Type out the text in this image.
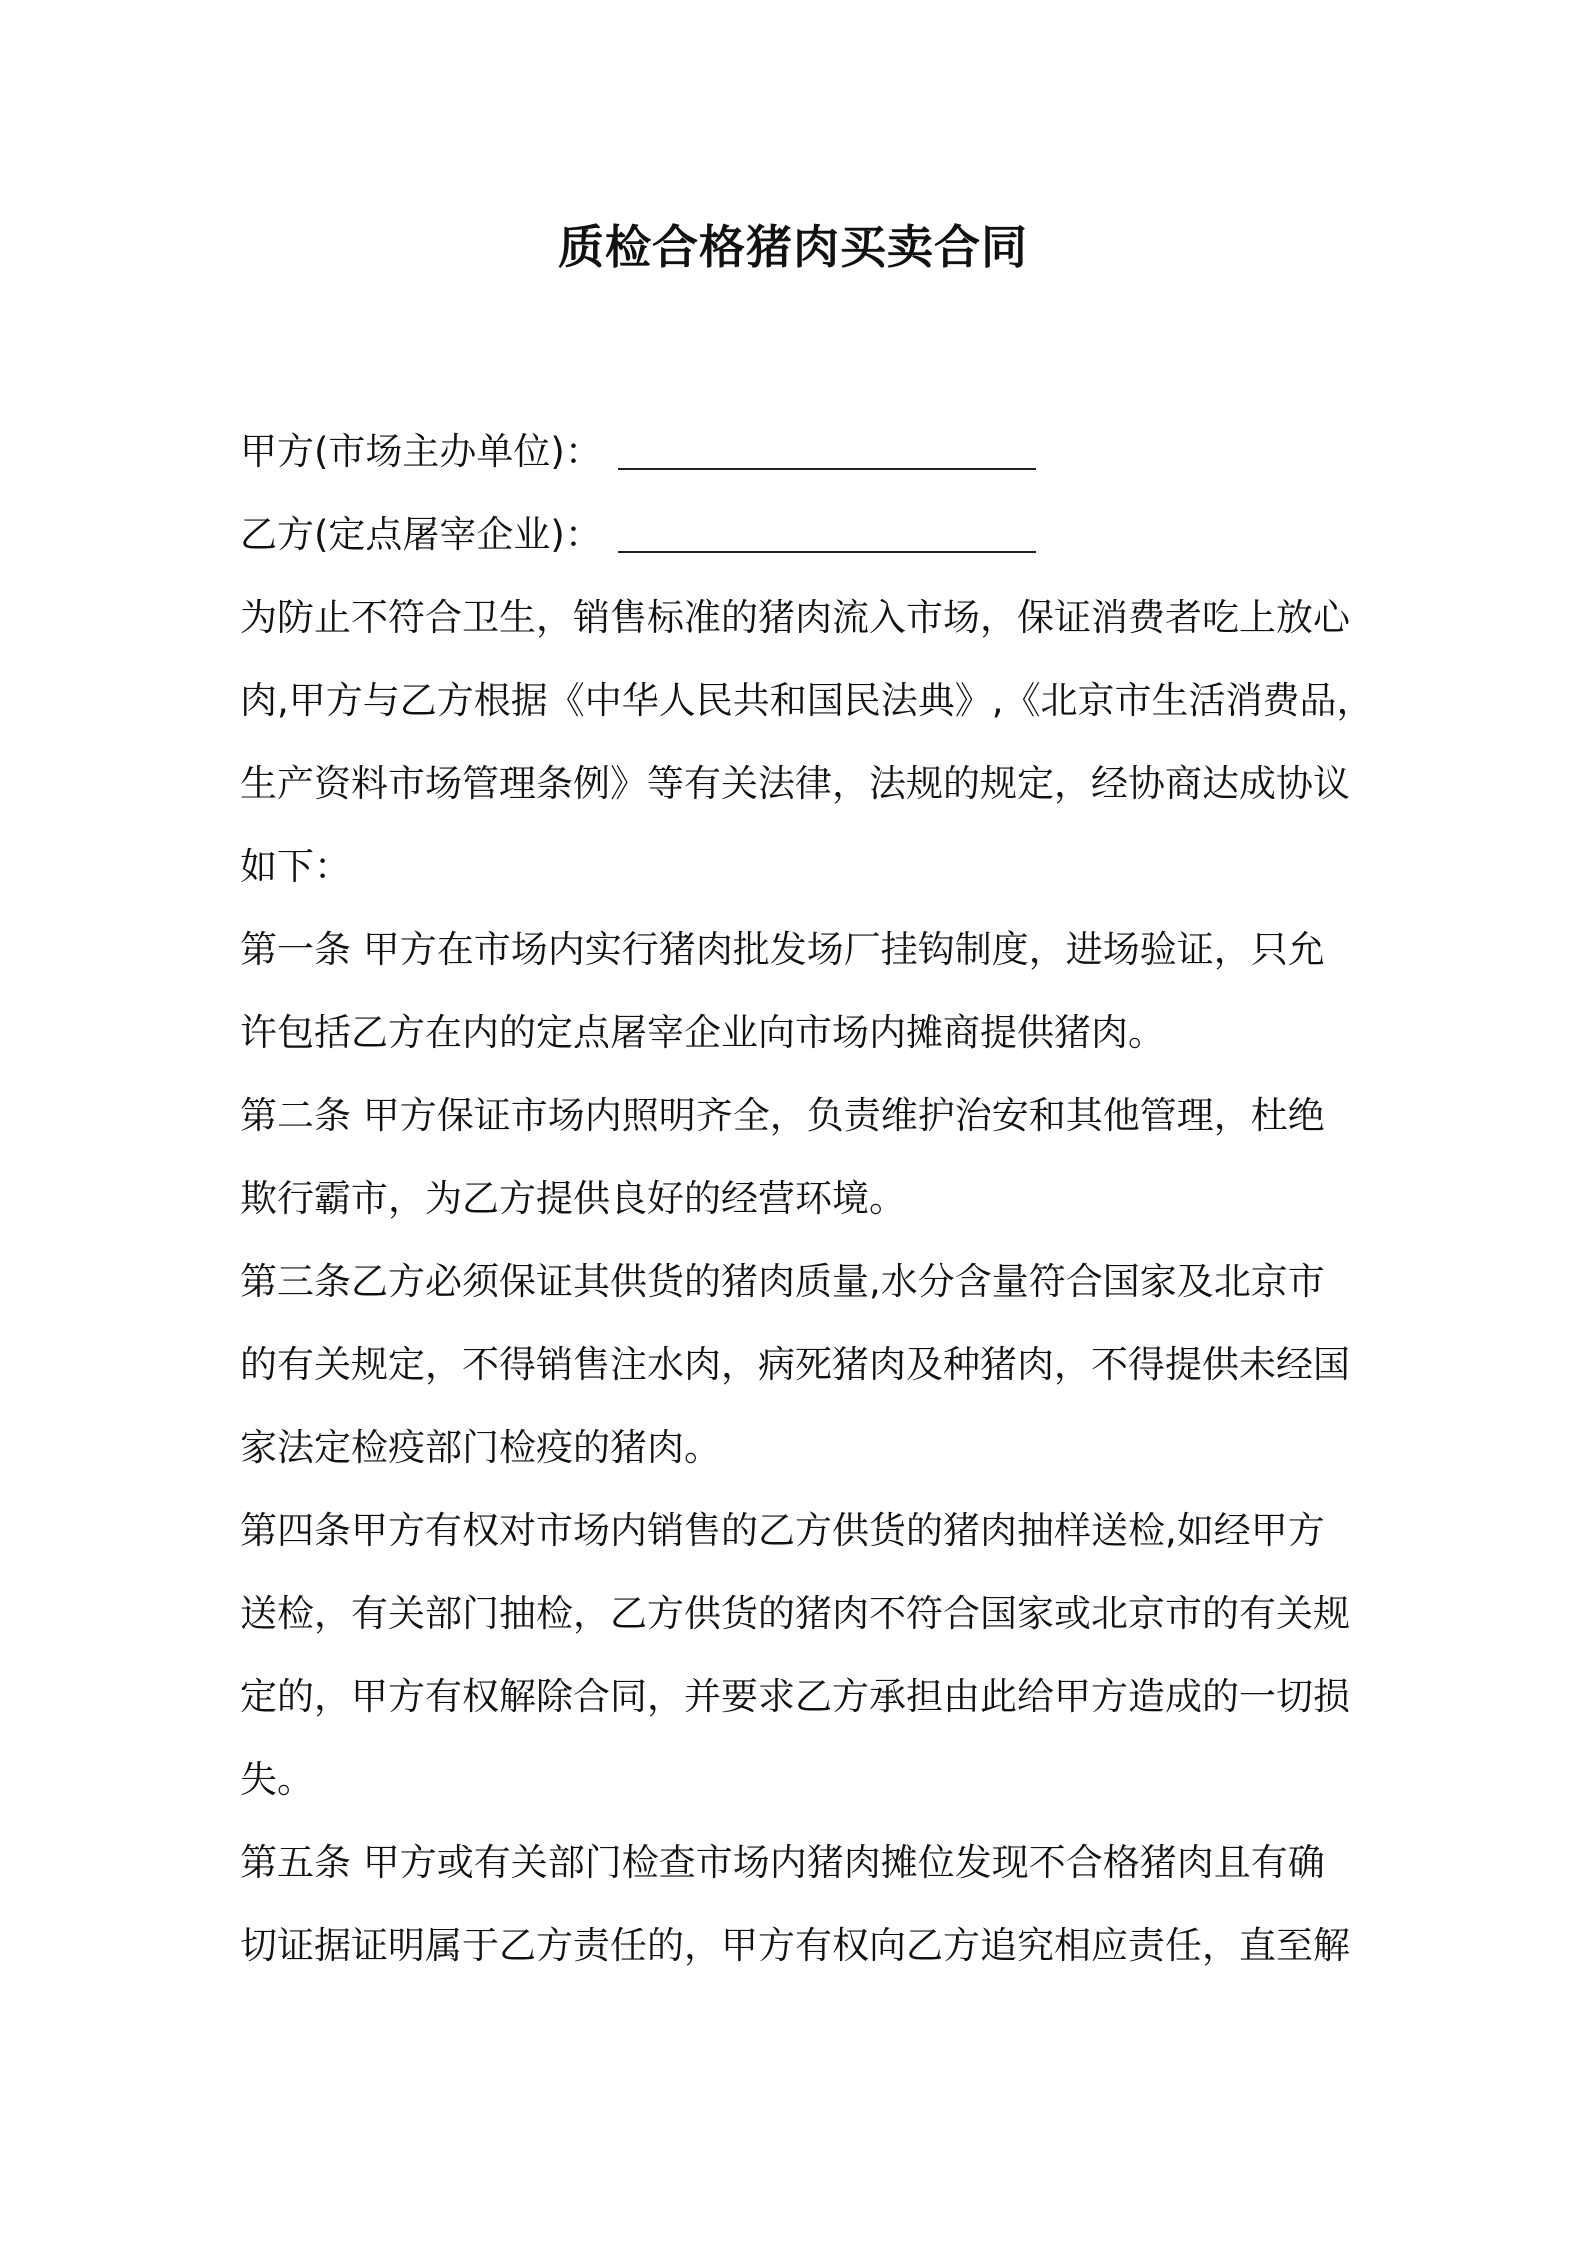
质检合格猪肉买卖合同
甲方(市场主办单位)：
乙方(定点屠宰企业)：
为防止不符合卫生，销售标准的猪肉流入市场，保证消费者吃上放心
肉,甲方与乙方根据《中华人民共和国民法典》,《北京市生活消费品，
生产资料市场管理条例》等有关法律，法规的规定，经协商达成协议
如下：
第一条 甲方在市场内实行猪肉批发场厂挂钩制度，进场验证，只允
许包括乙方在内的定点屠宰企业向市场内摊商提供猪肉。
第二条 甲方保证市场内照明齐全，负责维护治安和其他管理，杜绝
欺行霸市，为乙方提供良好的经营环境。
第三条乙方必须保证其供货的猪肉质量,水分含量符合国家及北京市
的有关规定，不得销售注水肉，病死猪肉及种猪肉，不得提供未经国
家法定检疫部门检疫的猪肉。
第四条甲方有权对市场内销售的乙方供货的猪肉抽样送检,如经甲方
送检，有关部门抽检，乙方供货的猪肉不符合国家或北京市的有关规
定的，甲方有权解除合同，并要求乙方承担由此给甲方造成的一切损
失。
第五条 甲方或有关部门检查市场内猪肉摊位发现不合格猪肉且有确
切证据证明属于乙方责任的，甲方有权向乙方追究相应责任，直至解
